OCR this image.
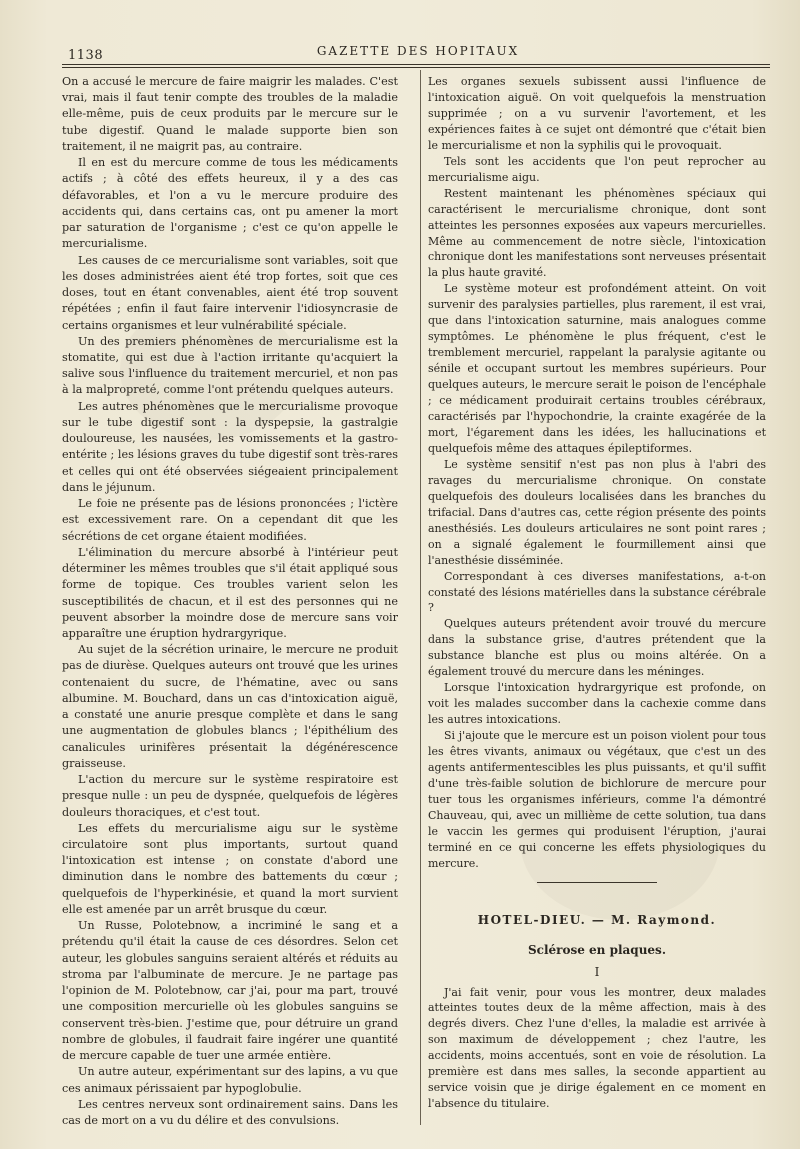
1138	GAZETTE DES HOPITAUX

On a accusé le mercure de faire maigrir les malades. C'est vrai, mais il faut tenir compte des troubles de la maladie elle-même, puis de ceux produits par le mercure sur le tube digestif. Quand le malade supporte bien son traitement, il ne maigrit pas, au contraire.

Il en est du mercure comme de tous les médicaments actifs ; à côté des effets heureux, il y a des cas défavorables, et l'on a vu le mercure produire des accidents qui, dans certains cas, ont pu amener la mort par saturation de l'organisme ; c'est ce qu'on appelle le mercurialisme.

Les causes de ce mercurialisme sont variables, soit que les doses administrées aient été trop fortes, soit que ces doses, tout en étant convenables, aient été trop souvent répétées ; enfin il faut faire intervenir l'idiosyncrasie de certains organismes et leur vulnérabilité spéciale.

Un des premiers phénomènes de mercurialisme est la stomatite, qui est due à l'action irritante qu'acquiert la salive sous l'influence du traitement mercuriel, et non pas à la malpropreté, comme l'ont prétendu quelques auteurs.

Les autres phénomènes que le mercurialisme provoque sur le tube digestif sont : la dyspepsie, la gastralgie douloureuse, les nausées, les vomissements et la gastro-entérite ; les lésions graves du tube digestif sont très-rares et celles qui ont été observées siégeaient principalement dans le jéjunum.

Le foie ne présente pas de lésions prononcées ; l'ictère est excessivement rare. On a cependant dit que les sécrétions de cet organe étaient modifiées.

L'élimination du mercure absorbé à l'intérieur peut déterminer les mêmes troubles que s'il était appliqué sous forme de topique. Ces troubles varient selon les susceptibilités de chacun, et il est des personnes qui ne peuvent absorber la moindre dose de mercure sans voir apparaître une éruption hydrargyrique.

Au sujet de la sécrétion urinaire, le mercure ne produit pas de diurèse. Quelques auteurs ont trouvé que les urines contenaient du sucre, de l'hématine, avec ou sans albumine. M. Bouchard, dans un cas d'intoxication aiguë, a constaté une anurie presque complète et dans le sang une augmentation de globules blancs ; l'épithélium des canalicules urinifères présentait la dégénérescence graisseuse.

L'action du mercure sur le système respiratoire est presque nulle : un peu de dyspnée, quelquefois de légères douleurs thoraciques, et c'est tout.

Les effets du mercurialisme aigu sur le système circulatoire sont plus importants, surtout quand l'intoxication est intense ; on constate d'abord une diminution dans le nombre des battements du cœur ; quelquefois de l'hyperkinésie, et quand la mort survient elle est amenée par un arrêt brusque du cœur.

Un Russe, Polotebnow, a incriminé le sang et a prétendu qu'il était la cause de ces désordres. Selon cet auteur, les globules sanguins seraient altérés et réduits au stroma par l'albuminate de mercure. Je ne partage pas l'opinion de M. Polotebnow, car j'ai, pour ma part, trouvé une composition mercurielle où les globules sanguins se conservent très-bien. J'estime que, pour détruire un grand nombre de globules, il faudrait faire ingérer une quantité de mercure capable de tuer une armée entière.

Un autre auteur, expérimentant sur des lapins, a vu que ces animaux périssaient par hypoglobulie.

Les centres nerveux sont ordinairement sains. Dans les cas de mort on a vu du délire et des convulsions.

Les organes sexuels subissent aussi l'influence de l'intoxication aiguë. On voit quelquefois la menstruation supprimée ; on a vu survenir l'avortement, et les expériences faites à ce sujet ont démontré que c'était bien le mercurialisme et non la syphilis qui le provoquait.

Tels sont les accidents que l'on peut reprocher au mercurialisme aigu.

Restent maintenant les phénomènes spéciaux qui caractérisent le mercurialisme chronique, dont sont atteintes les personnes exposées aux vapeurs mercurielles. Même au commencement de notre siècle, l'intoxication chronique dont les manifestations sont nerveuses présentait la plus haute gravité.

Le système moteur est profondément atteint. On voit survenir des paralysies partielles, plus rarement, il est vrai, que dans l'intoxication saturnine, mais analogues comme symptômes. Le phénomène le plus fréquent, c'est le tremblement mercuriel, rappelant la paralysie agitante ou sénile et occupant surtout les membres supérieurs. Pour quelques auteurs, le mercure serait le poison de l'encéphale ; ce médicament produirait certains troubles cérébraux, caractérisés par l'hypochondrie, la crainte exagérée de la mort, l'égarement dans les idées, les hallucinations et quelquefois même des attaques épileptiformes.

Le système sensitif n'est pas non plus à l'abri des ravages du mercurialisme chronique. On constate quelquefois des douleurs localisées dans les branches du trifacial. Dans d'autres cas, cette région présente des points anesthésiés. Les douleurs articulaires ne sont point rares ; on a signalé également le fourmillement ainsi que l'anesthésie disséminée.

Correspondant à ces diverses manifestations, a-t-on constaté des lésions matérielles dans la substance cérébrale ?

Quelques auteurs prétendent avoir trouvé du mercure dans la substance grise, d'autres prétendent que la substance blanche est plus ou moins altérée. On a également trouvé du mercure dans les méninges.

Lorsque l'intoxication hydrargyrique est profonde, on voit les malades succomber dans la cachexie comme dans les autres intoxications.

Si j'ajoute que le mercure est un poison violent pour tous les êtres vivants, animaux ou végétaux, que c'est un des agents antifermentescibles les plus puissants, et qu'il suffit d'une très-faible solution de bichlorure de mercure pour tuer tous les organismes inférieurs, comme l'a démontré Chauveau, qui, avec un millième de cette solution, tua dans le vaccin les germes qui produisent l'éruption, j'aurai terminé en ce qui concerne les effets physiologiques du mercure.

HOTEL-DIEU. — M. Raymond.
Sclérose en plaques.
I

J'ai fait venir, pour vous les montrer, deux malades atteintes toutes deux de la même affection, mais à des degrés divers. Chez l'une d'elles, la maladie est arrivée à son maximum de développement ; chez l'autre, les accidents, moins accentués, sont en voie de résolution. La première est dans mes salles, la seconde appartient au service voisin que je dirige également en ce moment en l'absence du titulaire.
